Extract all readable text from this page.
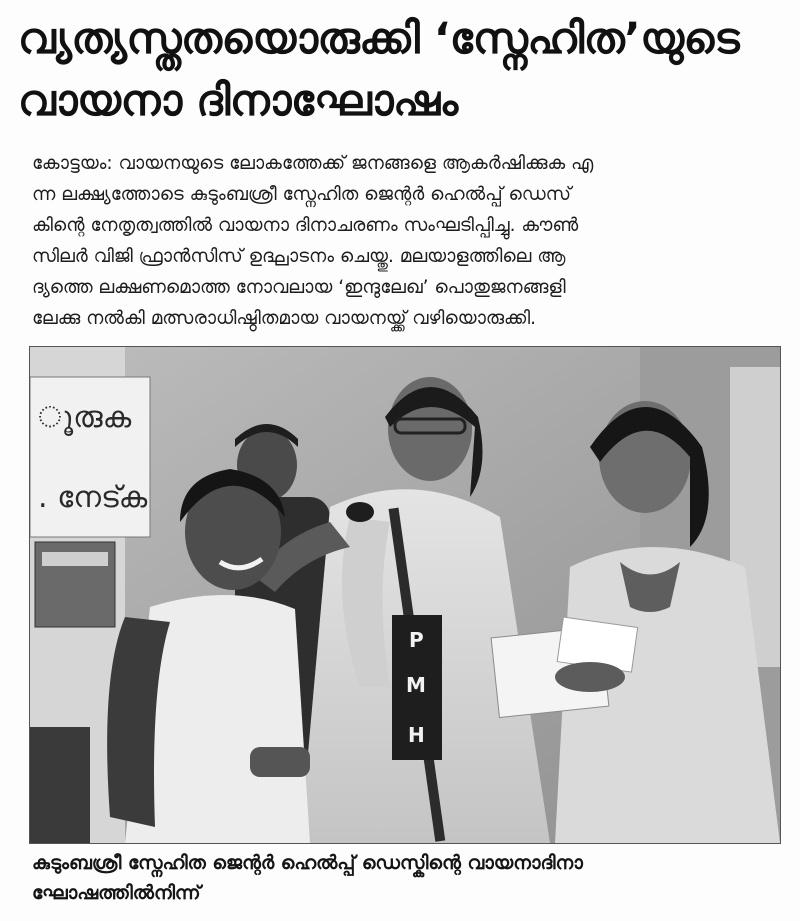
വ്യത്യസ്തതയൊരുക്കി ‘സ്നേഹിത’യുടെ
വായനാ ദിനാഘോഷം
കോട്ടയം: വായനയുടെ ലോകത്തേക്ക് ജനങ്ങളെ ആകർഷിക്കുക എ
ന്ന ലക്ഷ്യത്തോടെ കുടുംബശ്രീ സ്നേഹിത ജെന്റർ ഹെൽപ്പ് ഡെസ്
കിന്റെ നേതൃത്വത്തിൽ വായനാ ദിനാചരണം സംഘടിപ്പിച്ചു. കൗൺ
സിലർ വിജി ഫ്രാൻസിസ് ഉദ്ഘാടനം ചെയ്തു. മലയാളത്തിലെ ആ
ദ്യത്തെ ലക്ഷണമൊത്ത നോവലായ ‘ഇന്ദുലേഖ’ പൊതുജനങ്ങളി
ലേക്കു നൽകി മത്സരാധിഷ്ഠിതമായ വായനയ്ക്ക് വഴിയൊരുക്കി.
ൂരുക
. നേട്ക
P
M
H
കുടുംബശ്രീ സ്നേഹിത ജെന്റർ ഹെൽപ്പ് ഡെസ്കിന്റെ വായനാദിനാ
ഘോഷത്തിൽനിന്ന്
